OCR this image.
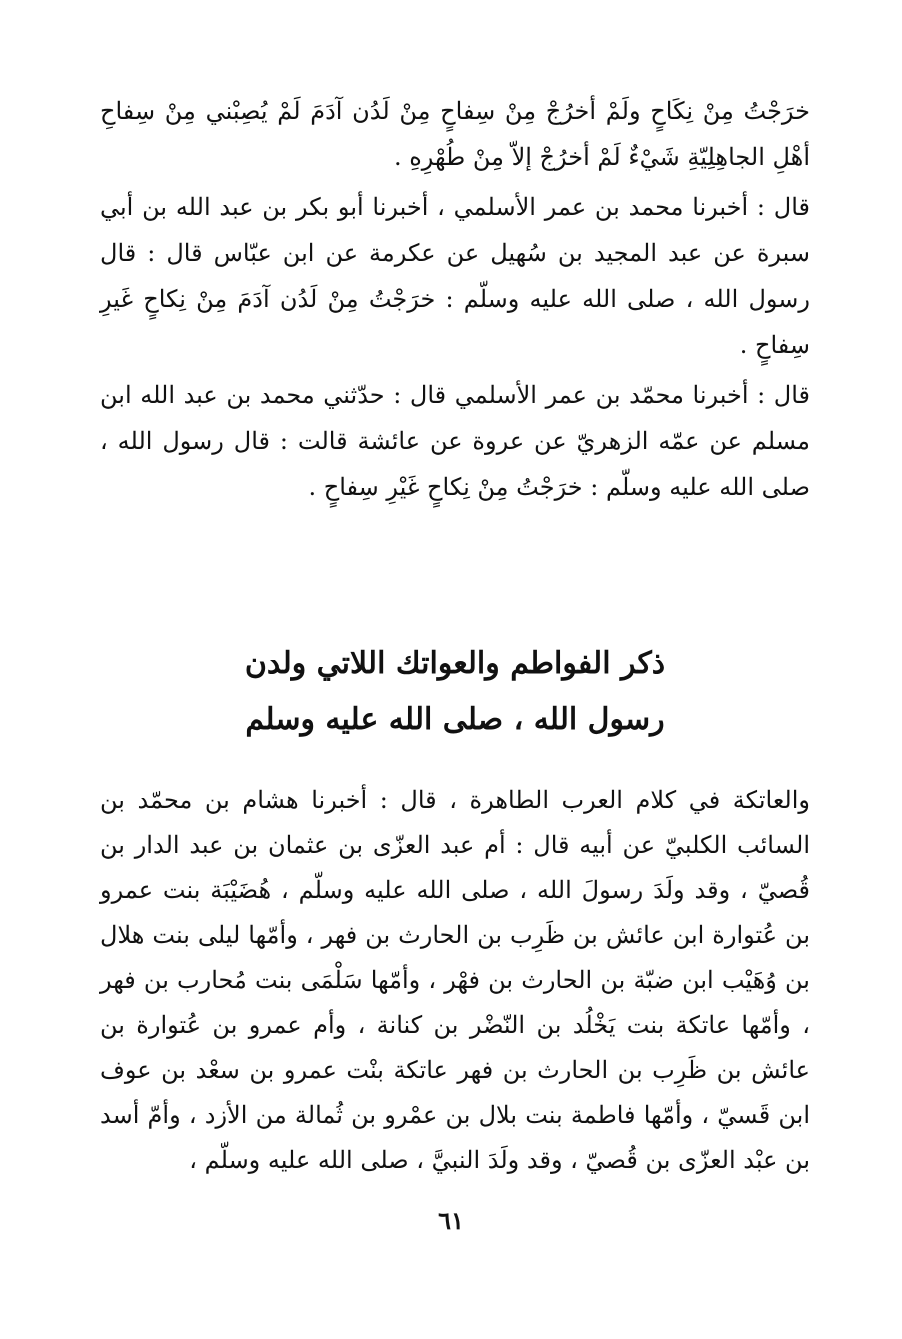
خرَجْتُ مِنْ نِكَاحٍ ولَمْ أخرُجْ مِنْ سِفاحٍ مِنْ لَدُن آدَمَ لَمْ يُصِبْني مِنْ سِفاحِ أهْلِ الجاهِلِيّةِ شَيْءٌ لَمْ أخرُجْ إلاّ مِنْ طُهْرِهِ .

قال : أخبرنا محمد بن عمر الأسلمي ، أخبرنا أبو بكر بن عبد الله بن أبي سبرة عن عبد المجيد بن سُهيل عن عكرمة عن ابن عبّاس قال : قال رسول الله ، صلى الله عليه وسلّم : خرَجْتُ مِنْ لَدُن آدَمَ مِنْ نِكاحٍ غَيرِ سِفاحٍ .

قال : أخبرنا محمّد بن عمر الأسلمي قال : حدّثني محمد بن عبد الله ابن مسلم عن عمّه الزهريّ عن عروة عن عائشة قالت : قال رسول الله ، صلى الله عليه وسلّم : خرَجْتُ مِنْ نِكاحٍ غَيْرِ سِفاحٍ .

ذكر الفواطم والعواتك اللاتي ولدن

رسول الله ، صلى الله عليه وسلم

والعاتكة في كلام العرب الطاهرة ، قال : أخبرنا هشام بن محمّد بن السائب الكلبيّ عن أبيه قال : أم عبد العزّى بن عثمان بن عبد الدار بن قُصيّ ، وقد ولَدَ رسولَ الله ، صلى الله عليه وسلّم ، هُضَيْبَة بنت عمرو بن عُتوارة ابن عائش بن ظَرِب بن الحارث بن فهر ، وأمّها ليلى بنت هلال بن وُهَيْب ابن ضبّة بن الحارث بن فهْر ، وأمّها سَلْمَى بنت مُحارب بن فهر ، وأمّها عاتكة بنت يَخْلُد بن النّضْر بن كنانة ، وأم عمرو بن عُتوارة بن عائش بن ظَرِب بن الحارث بن فهر عاتكة بنْت عمرو بن سعْد بن عوف ابن قَسيّ ، وأمّها فاطمة بنت بلال بن عمْرو بن ثُمالة من الأزد ، وأمّ أسد بن عبْد العزّى بن قُصيّ ، وقد ولَدَ النبيَّ ، صلى الله عليه وسلّم ،

٦١
